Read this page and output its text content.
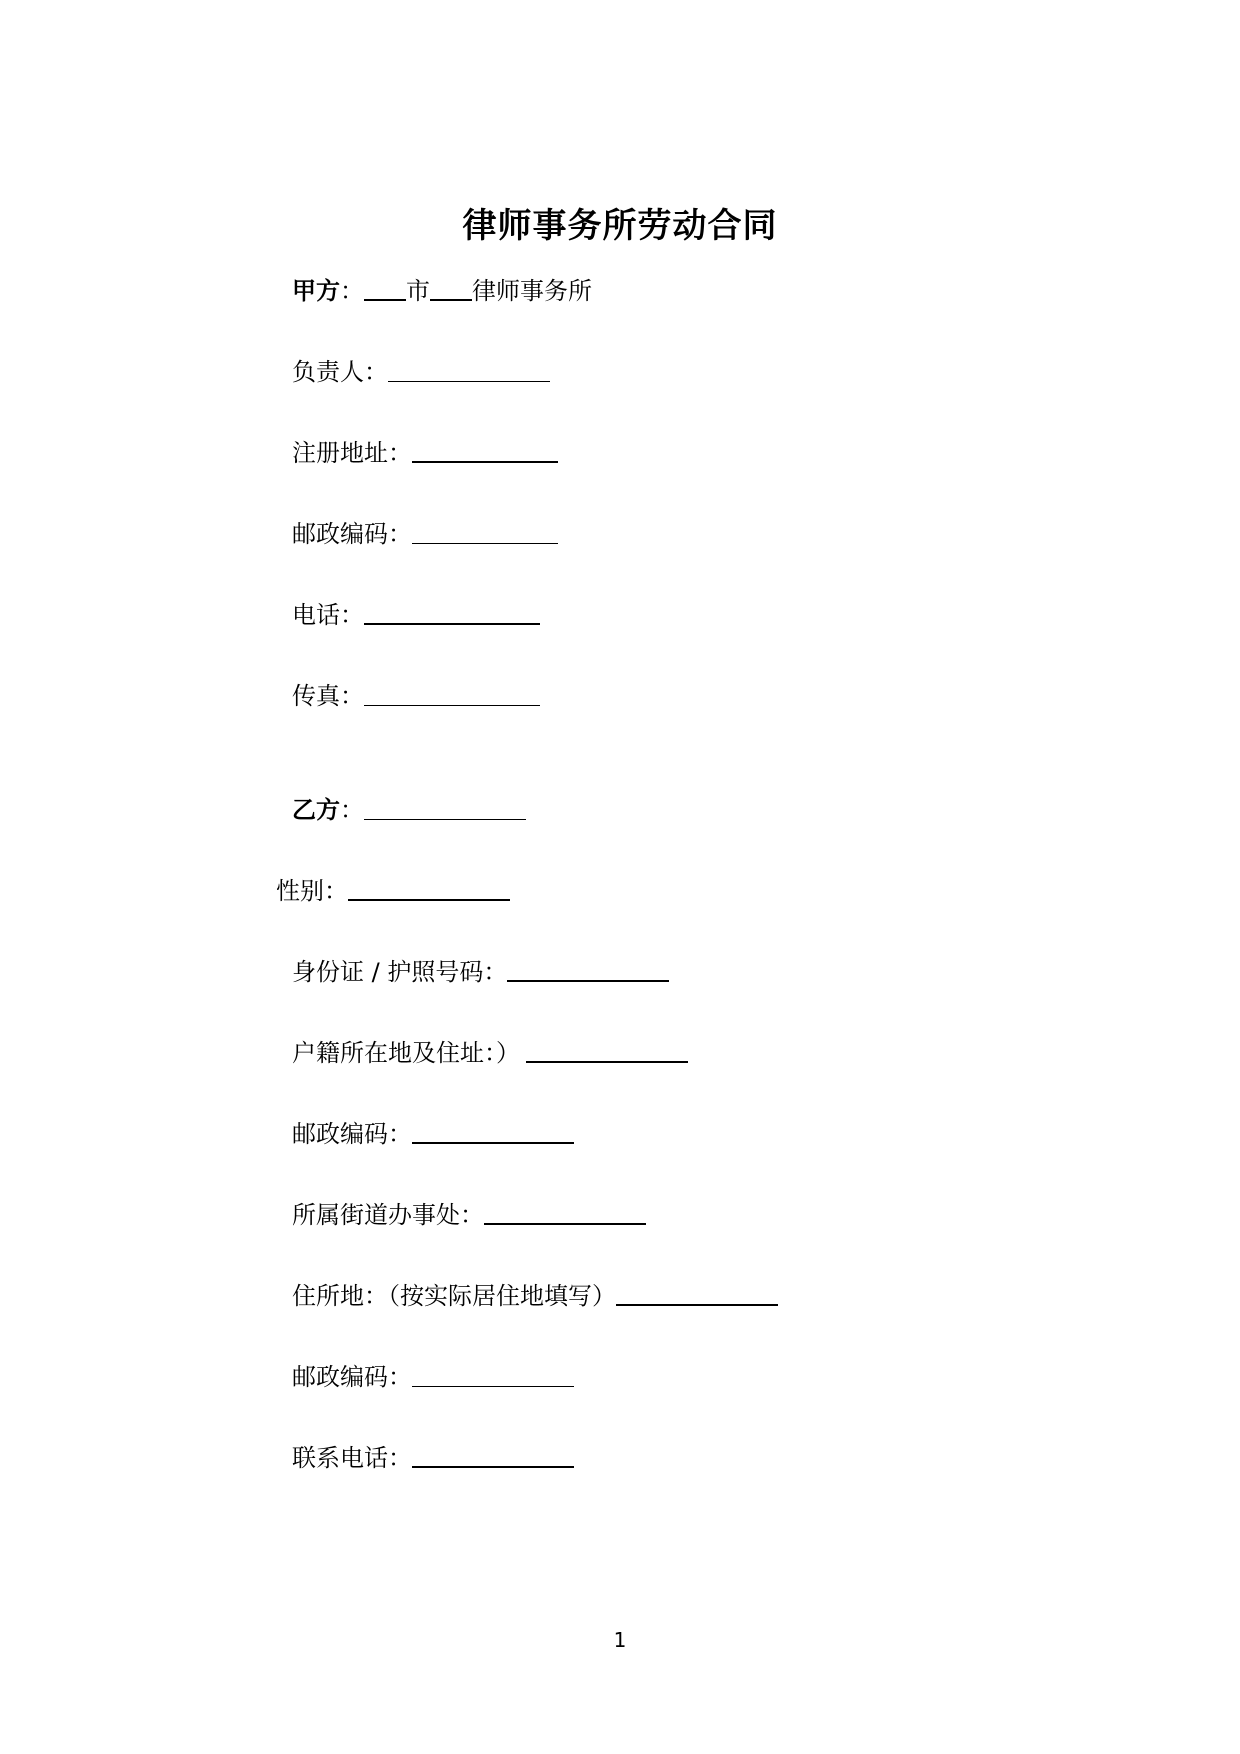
律师事务所劳动合同
甲方 ： 市 律师事务所
负责人：
注册地址：
邮政编码：
电话：
传真：
乙方 ：
性别：
身份证 / 护照号码：
户籍所在地及住址：）
邮政编码：
所属街道办事处：
住所地：（按实际居住地填写）
邮政编码：
联系电话：
1
